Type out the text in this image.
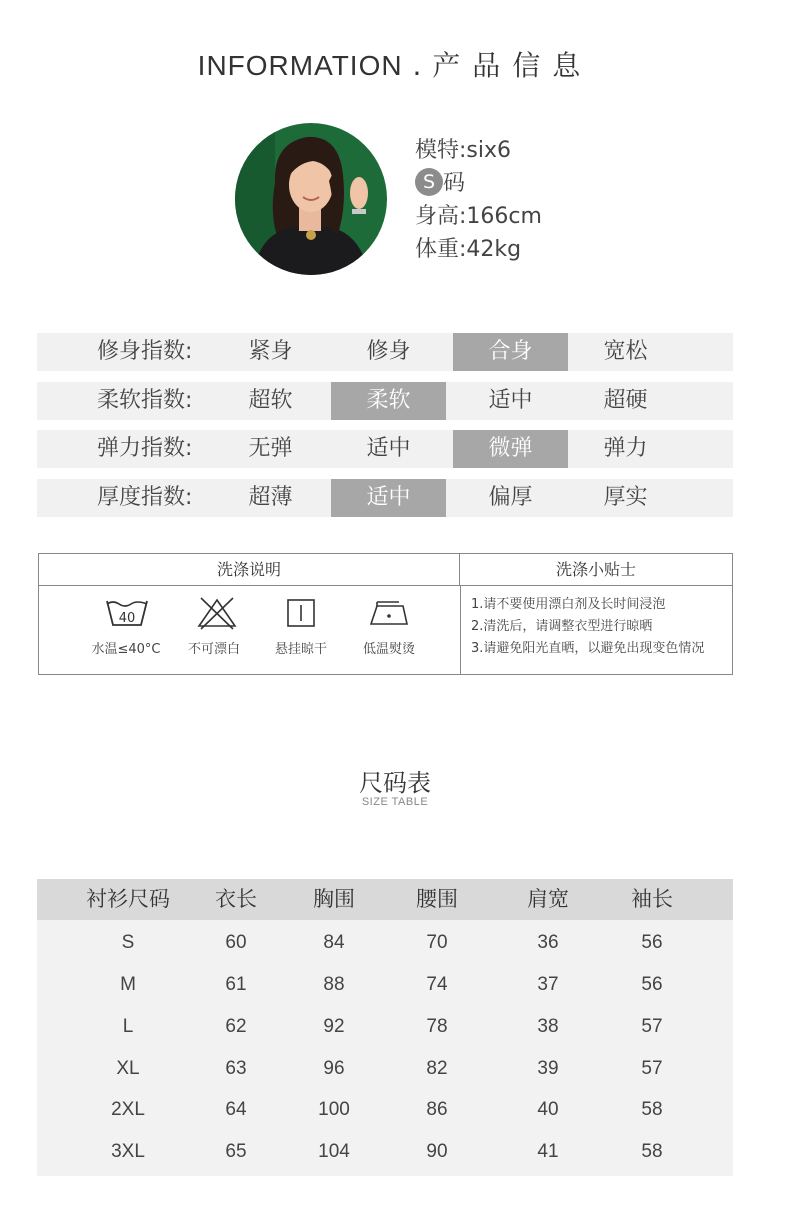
INFORMATION . 产品信息
模特:six6
S 码
身高:166cm
体重:42kg
修身指数:	紧身	修身	合身	宽松
柔软指数:	超软	柔软	适中	超硬
弹力指数:	无弹	适中	微弹	弹力
厚度指数:	超薄	适中	偏厚	厚实
洗涤说明	洗涤小贴士
40
水温≤40°C	不可漂白	悬挂晾干	低温熨烫
1.请不要使用漂白剂及长时间浸泡
2.清洗后，请调整衣型进行晾晒
3.请避免阳光直晒，以避免出现变色情况
尺码表
SIZE TABLE
衬衫尺码	衣长	胸围	腰围	肩宽	袖长
S	60	84	70	36	56
M	61	88	74	37	56
L	62	92	78	38	57
XL	63	96	82	39	57
2XL	64	100	86	40	58
3XL	65	104	90	41	58
